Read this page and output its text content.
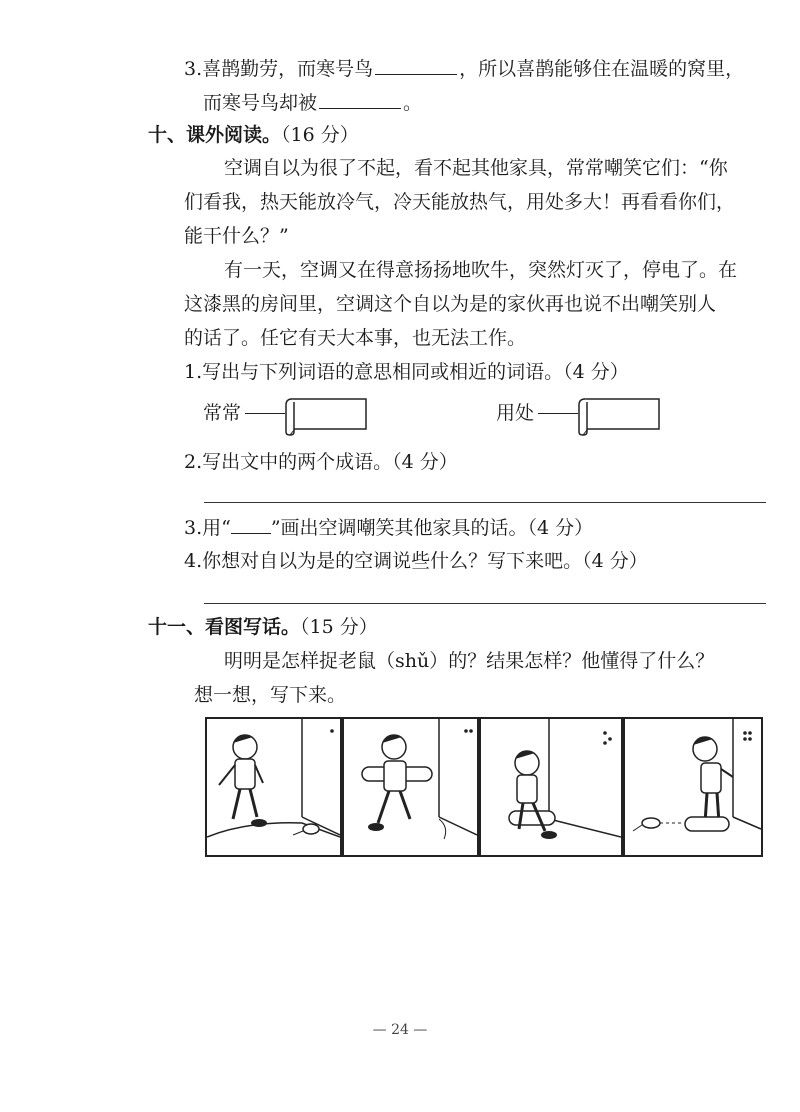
3.喜鹊勤劳，而寒号鸟	，所以喜鹊能够住在温暖的窝里，
而寒号鸟却被	。
十、课外阅读。（16 分）
空调自以为很了不起，看不起其他家具，常常嘲笑它们：“你
们看我，热天能放冷气，冷天能放热气，用处多大！再看看你们，
能干什么？”
有一天，空调又在得意扬扬地吹牛，突然灯灭了，停电了。在
这漆黑的房间里，空调这个自以为是的家伙再也说不出嘲笑别人
的话了。任它有天大本事，也无法工作。
1.写出与下列词语的意思相同或相近的词语。（4 分）
常常	用处
2.写出文中的两个成语。（4 分）
3.用“ ”画出空调嘲笑其他家具的话。（4 分）
4.你想对自以为是的空调说些什么？写下来吧。（4 分）
十一、看图写话。（15 分）
明明是怎样捉老鼠（shǔ）的？结果怎样？他懂得了什么？
想一想，写下来。
— 24 —
